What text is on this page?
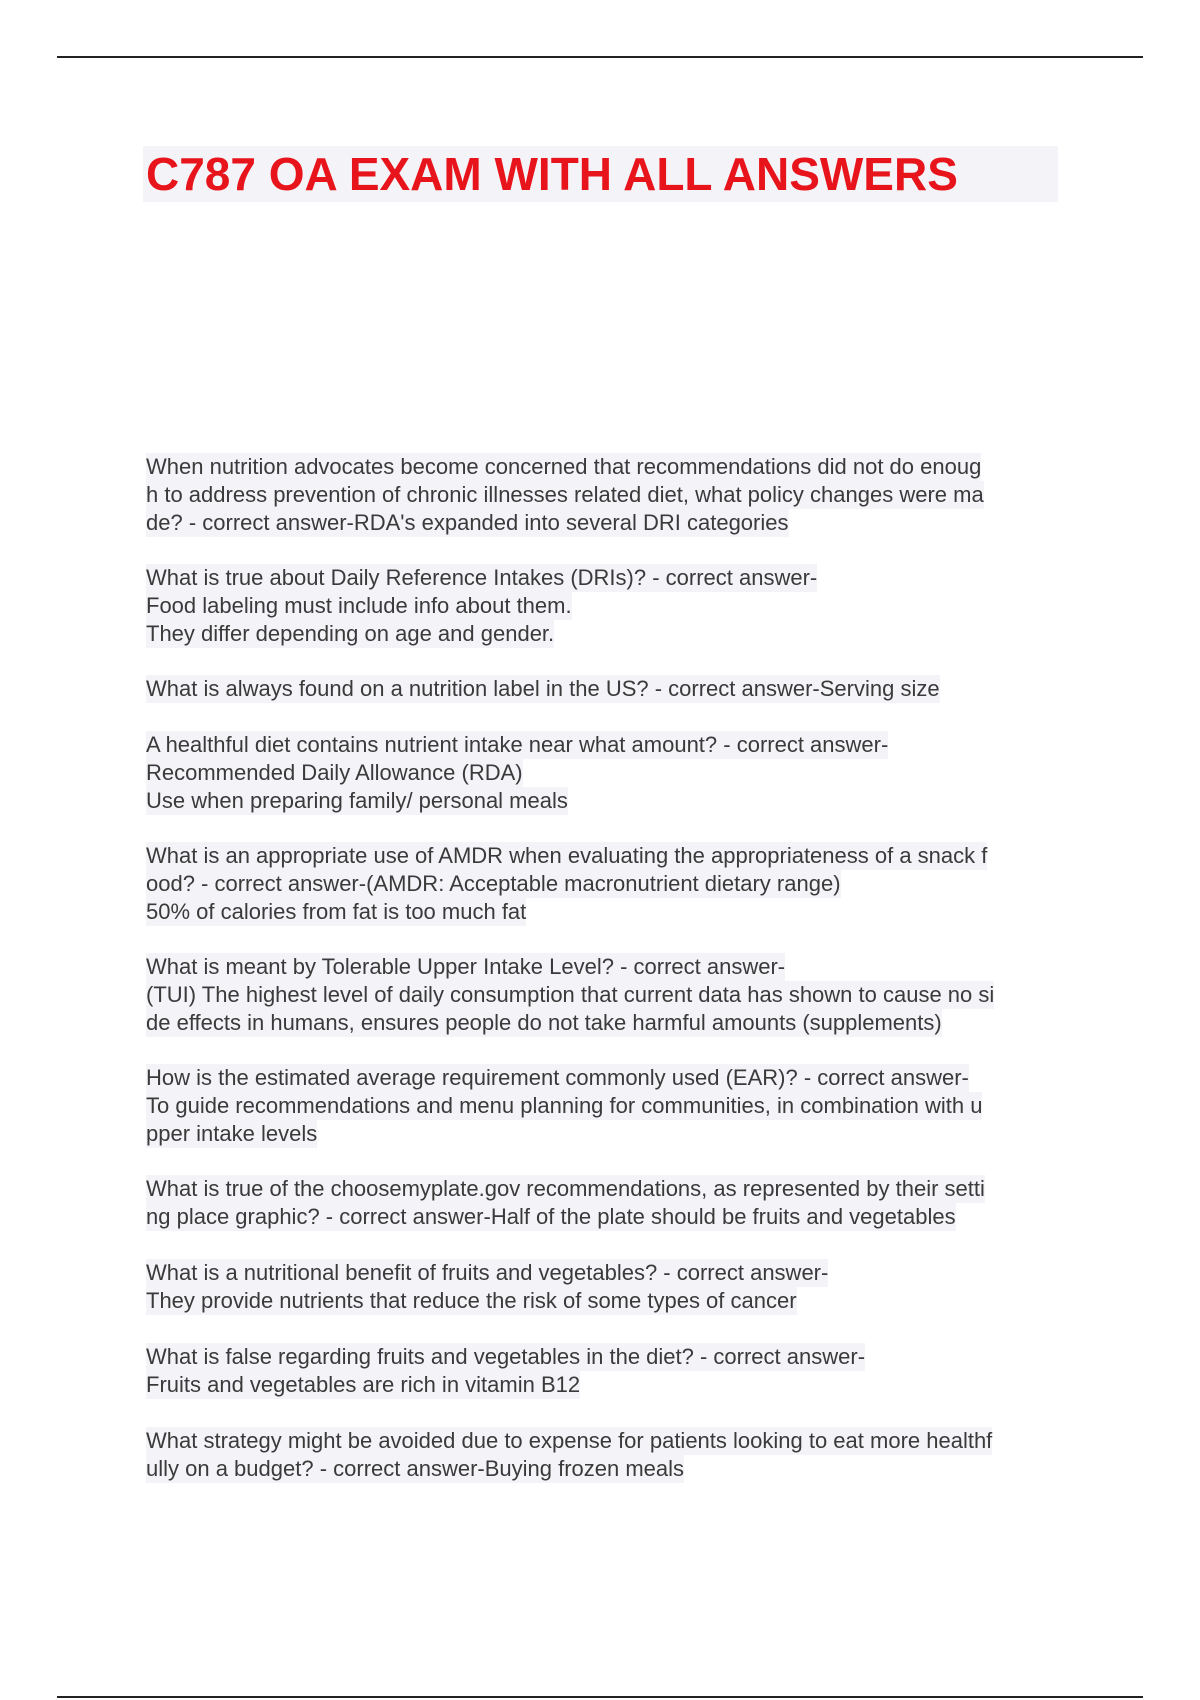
C787 OA EXAM WITH ALL ANSWERS
When nutrition advocates become concerned that recommendations did not do enoug
h to address prevention of chronic illnesses related diet, what policy changes were ma
de? - correct answer-RDA's expanded into several DRI categories
What is true about Daily Reference Intakes (DRIs)? - correct answer-
Food labeling must include info about them.
They differ depending on age and gender.
What is always found on a nutrition label in the US? - correct answer-Serving size
A healthful diet contains nutrient intake near what amount? - correct answer-
Recommended Daily Allowance (RDA)
Use when preparing family/ personal meals
What is an appropriate use of AMDR when evaluating the appropriateness of a snack f
ood? - correct answer-(AMDR: Acceptable macronutrient dietary range)
50% of calories from fat is too much fat
What is meant by Tolerable Upper Intake Level? - correct answer-
(TUI) The highest level of daily consumption that current data has shown to cause no si
de effects in humans, ensures people do not take harmful amounts (supplements)
How is the estimated average requirement commonly used (EAR)? - correct answer-
To guide recommendations and menu planning for communities, in combination with u
pper intake levels
What is true of the choosemyplate.gov recommendations, as represented by their setti
ng place graphic? - correct answer-Half of the plate should be fruits and vegetables
What is a nutritional benefit of fruits and vegetables? - correct answer-
They provide nutrients that reduce the risk of some types of cancer
What is false regarding fruits and vegetables in the diet? - correct answer-
Fruits and vegetables are rich in vitamin B12
What strategy might be avoided due to expense for patients looking to eat more healthf
ully on a budget? - correct answer-Buying frozen meals
